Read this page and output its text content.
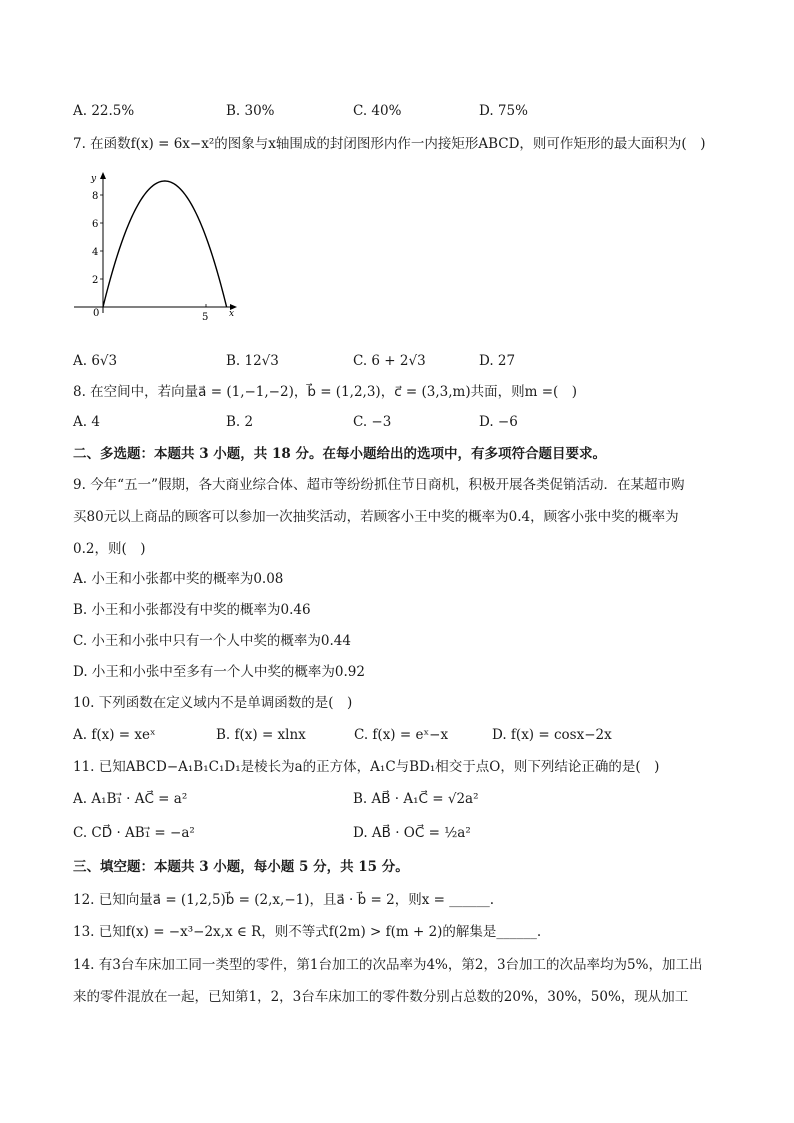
A. 22.5%	B. 30%	C. 40%	D. 75%
7. 在函数f(x) = 6x−x²的图象与x轴围成的封闭图形内作一内接矩形ABCD，则可作矩形的最大面积为(　)
y
x
8
6
4
2
5
0
A. 6√3	B. 12√3	C. 6 + 2√3	D. 27
8. 在空间中，若向量a⃗ = (1,−1,−2)，b⃗ = (1,2,3)，c⃗ = (3,3,m)共面，则m =(　)
A. 4	B. 2	C. −3	D. −6
二、多选题：本题共 3 小题，共 18 分。在每小题给出的选项中，有多项符合题目要求。
9. 今年“五一”假期，各大商业综合体、超市等纷纷抓住节日商机，积极开展各类促销活动．在某超市购
买80元以上商品的顾客可以参加一次抽奖活动，若顾客小王中奖的概率为0.4，顾客小张中奖的概率为
0.2，则(　)
A. 小王和小张都中奖的概率为0.08
B. 小王和小张都没有中奖的概率为0.46
C. 小王和小张中只有一个人中奖的概率为0.44
D. 小王和小张中至多有一个人中奖的概率为0.92
10. 下列函数在定义域内不是单调函数的是(　)
A. f(x) = xeˣ	B. f(x) = xlnx	C. f(x) = eˣ−x	D. f(x) = cosx−2x
11. 已知ABCD−A₁B₁C₁D₁是棱长为a的正方体，A₁C与BD₁相交于点O，则下列结论正确的是(　)
A. A₁B₁⃗ · AC⃗ = a²	B. AB⃗ · A₁C⃗ = √2a²
C. CD⃗ · AB₁⃗ = −a²	D. AB⃗ · OC⃗ = ½a²
三、填空题：本题共 3 小题，每小题 5 分，共 15 分。
12. 已知向量a⃗ = (1,2,5)b⃗ = (2,x,−1)，且a⃗ · b⃗ = 2，则x = ______.
13. 已知f(x) = −x³−2x,x ∈ R，则不等式f(2m) > f(m + 2)的解集是______.
14. 有3台车床加工同一类型的零件，第1台加工的次品率为4%，第2，3台加工的次品率均为5%，加工出
来的零件混放在一起，已知第1，2，3台车床加工的零件数分别占总数的20%，30%，50%，现从加工
